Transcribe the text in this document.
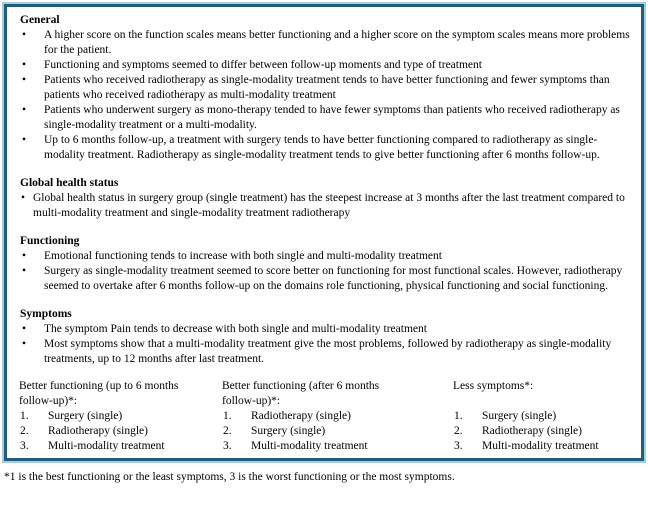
General
•
A higher score on the function scales means better functioning and a higher score on the symptom scales means more problems for the patient.
•
Functioning and symptoms seemed to differ between follow-up moments and type of treatment
•
Patients who received radiotherapy as single-modality treatment tends to have better functioning and fewer symptoms than patients who received radiotherapy as multi-modality treatment
•
Patients who underwent surgery as mono-therapy tended to have fewer symptoms than patients who received radiotherapy as single-modality treatment or a multi-modality.
•
Up to 6 months follow-up, a treatment with surgery tends to have better functioning compared to radiotherapy as single-modality treatment. Radiotherapy as single-modality treatment tends to give better functioning after 6 months follow-up.
Global health status
•
Global health status in surgery group (single treatment) has the steepest increase at 3 months after the last treatment compared to multi-modality treatment and single-modality treatment radiotherapy
Functioning
•
Emotional functioning tends to increase with both single and multi-modality treatment
•
Surgery as single-modality treatment seemed to score better on functioning for most functional scales. However, radiotherapy seemed to overtake after 6 months follow-up on the domains role functioning, physical functioning and social functioning.
Symptoms
•
The symptom Pain tends to decrease with both single and multi-modality treatment
•
Most symptoms show that a multi-modality treatment give the most problems, followed by radiotherapy as single-modality treatments, up to 12 months after last treatment.
Better functioning (up to 6 months follow-up)*:
1.	Surgery (single)
2.	Radiotherapy (single)
3.	Multi-modality treatment
Better functioning (after 6 months follow-up)*:
1.	Radiotherapy (single)
2.	Surgery (single)
3.	Multi-modality treatment
Less symptoms*:
1.	Surgery (single)
2.	Radiotherapy (single)
3.	Multi-modality treatment
*1 is the best functioning or the least symptoms, 3 is the worst functioning or the most symptoms.
